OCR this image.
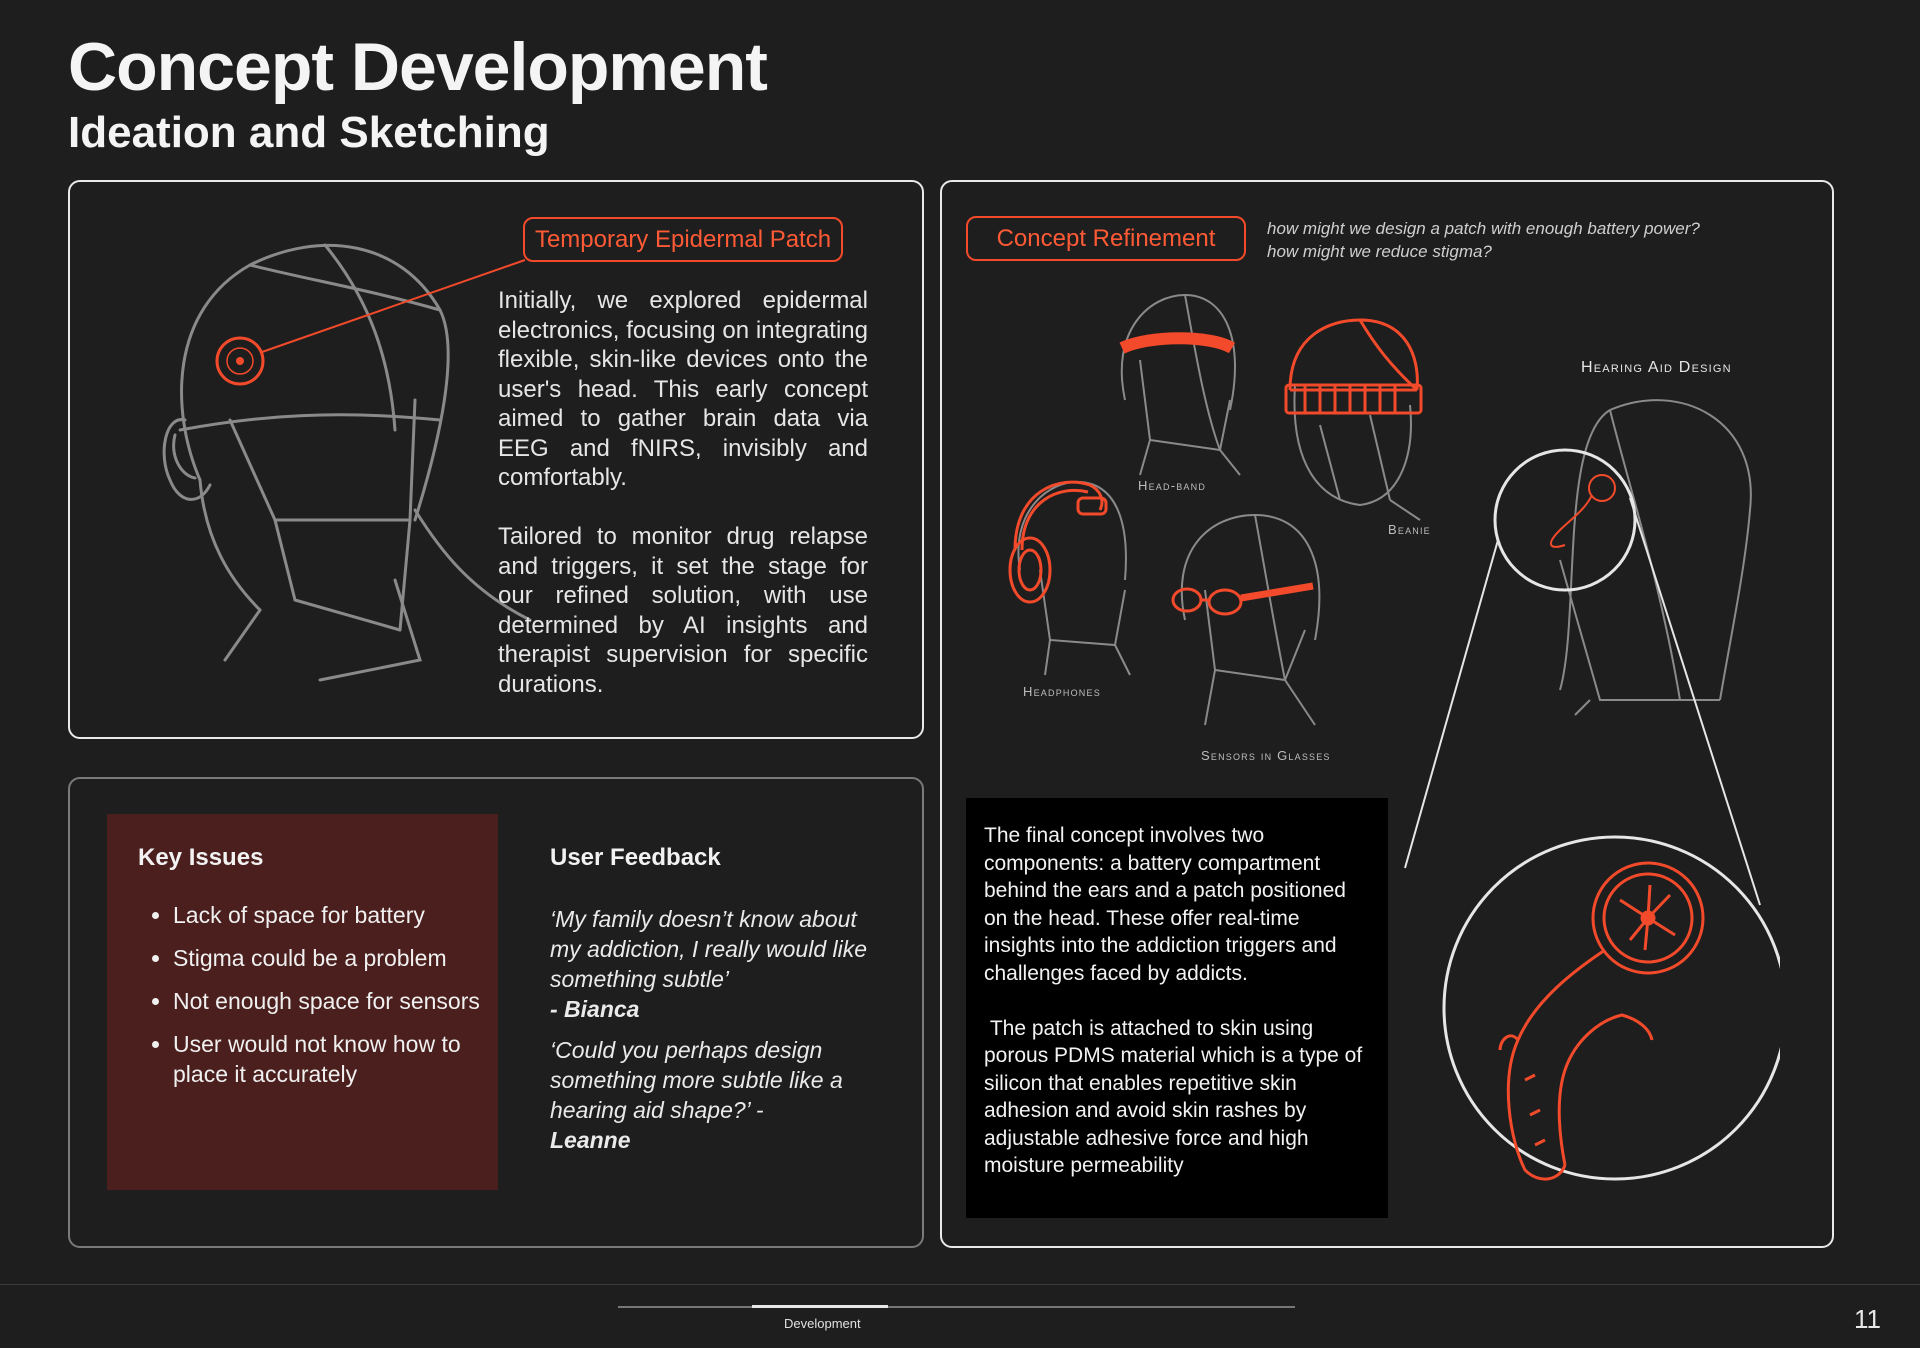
Concept Development
Ideation and Sketching
Temporary Epidermal Patch

Initially, we explored epidermal electronics, focusing on integrating flexible, skin-like devices onto the user's head. This early concept aimed to gather brain data via EEG and fNIRS, invisibly and comfortably.

Tailored to monitor drug relapse and triggers, it set the stage for our refined solution, with use determined by AI insights and therapist supervision for specific durations.

Concept Refinement	how might we design a patch with enough battery power?
how might we reduce stigma?
Head-band
Beanie
Headphones
Sensors in Glasses
Hearing Aid Design

The final concept involves two components: a battery compartment behind the ears and a patch positioned on the head. These offer real-time insights into the addiction triggers and challenges faced by addicts.

The patch is attached to skin using porous PDMS material which is a type of silicon that enables repetitive skin adhesion and avoid skin rashes by adjustable adhesive force and high moisture permeability

Key Issues
• Lack of space for battery
• Stigma could be a problem
• Not enough space for sensors
• User would not know how to place it accurately
User Feedback
‘My family doesn’t know about my addiction, I really would like something subtle’
- Bianca
‘Could you perhaps design something more subtle like a hearing aid shape?’ -
Leanne
Development	11
